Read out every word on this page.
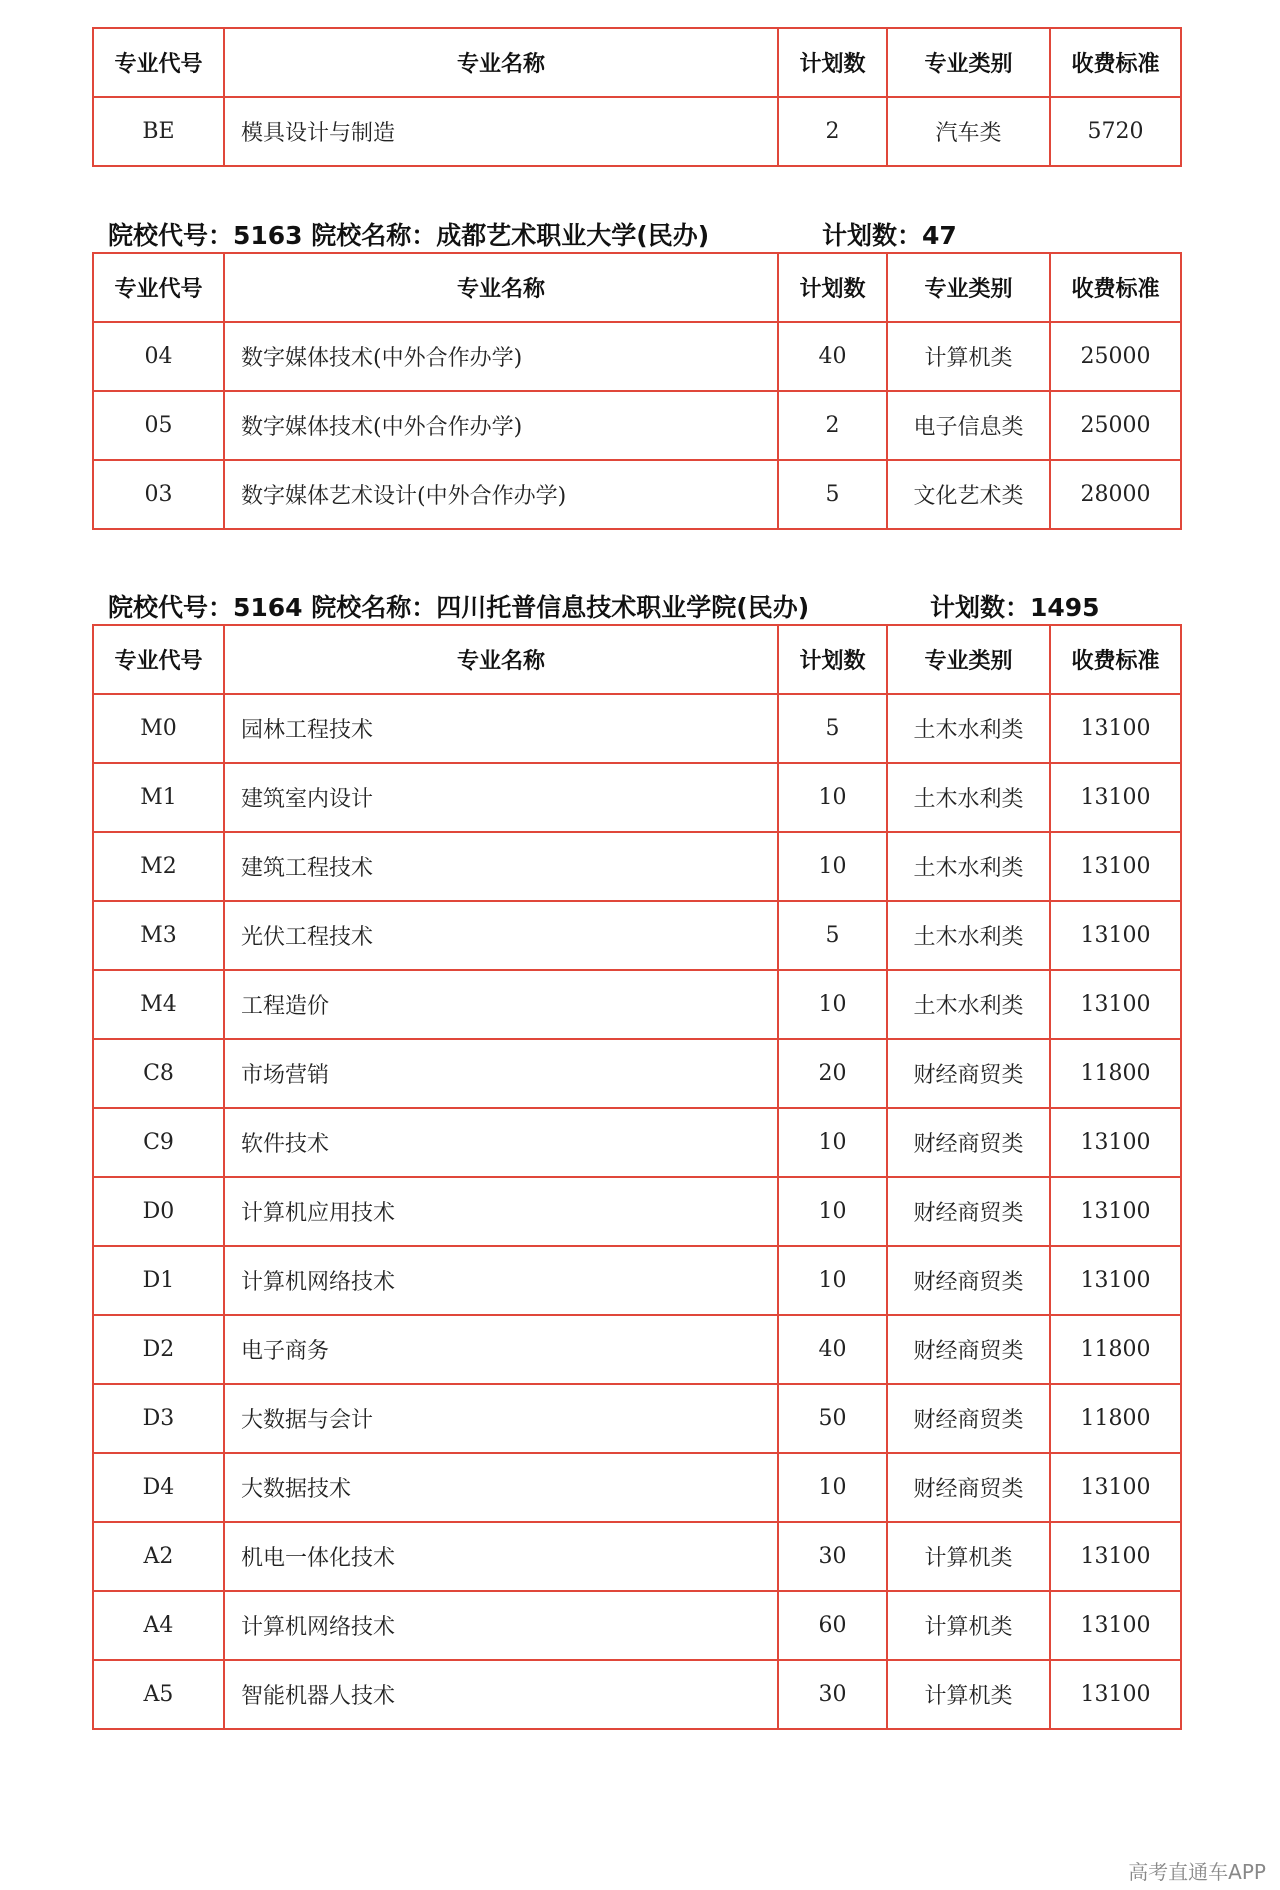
专业代号	专业名称	计划数	专业类别	收费标准
BE	模具设计与制造	2	汽车类	5720
院校代号：5163 院校名称：成都艺术职业大学(民办)	计划数：47
专业代号	专业名称	计划数	专业类别	收费标准
04	数字媒体技术(中外合作办学)	40	计算机类	25000
05	数字媒体技术(中外合作办学)	2	电子信息类	25000
03	数字媒体艺术设计(中外合作办学)	5	文化艺术类	28000
院校代号：5164 院校名称：四川托普信息技术职业学院(民办)	计划数：1495
专业代号	专业名称	计划数	专业类别	收费标准
M0	园林工程技术	5	土木水利类	13100
M1	建筑室内设计	10	土木水利类	13100
M2	建筑工程技术	10	土木水利类	13100
M3	光伏工程技术	5	土木水利类	13100
M4	工程造价	10	土木水利类	13100
C8	市场营销	20	财经商贸类	11800
C9	软件技术	10	财经商贸类	13100
D0	计算机应用技术	10	财经商贸类	13100
D1	计算机网络技术	10	财经商贸类	13100
D2	电子商务	40	财经商贸类	11800
D3	大数据与会计	50	财经商贸类	11800
D4	大数据技术	10	财经商贸类	13100
A2	机电一体化技术	30	计算机类	13100
A4	计算机网络技术	60	计算机类	13100
A5	智能机器人技术	30	计算机类	13100
高考直通车APP
